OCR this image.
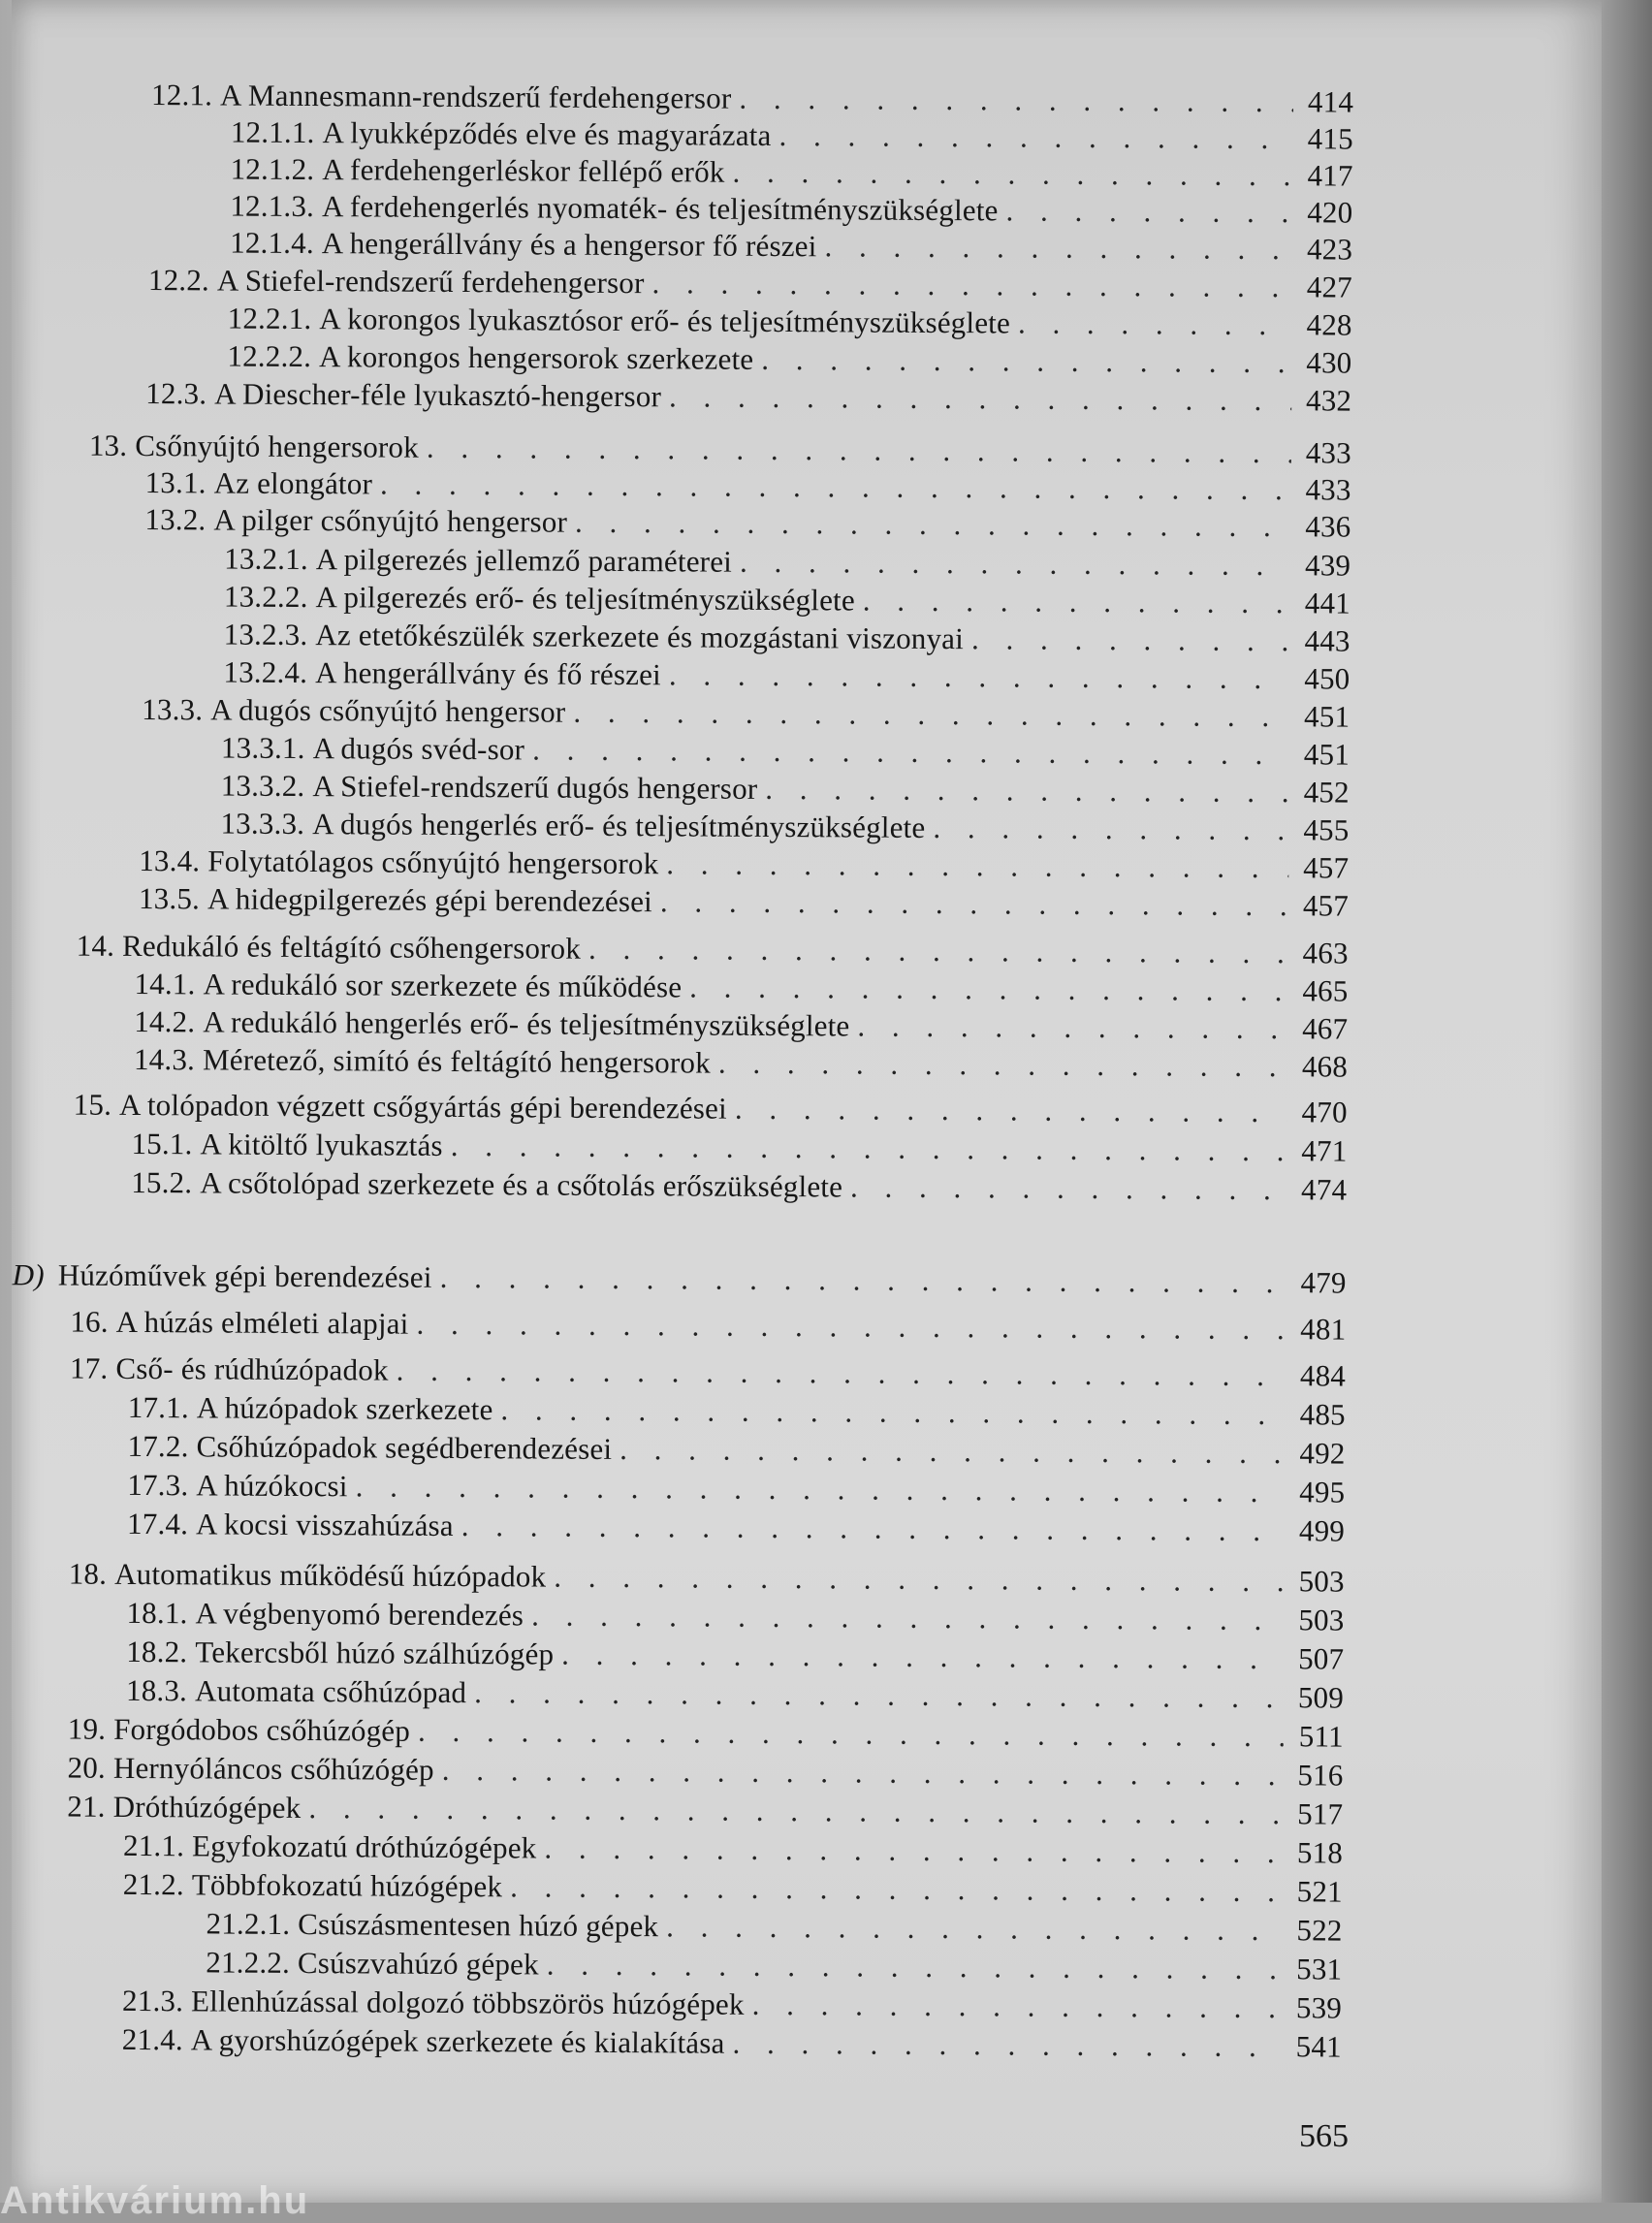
12.1. A Mannesmann-rendszerű ferdehengersor . . .	414
12.1.1. A lyukképződés elve és magyarázata . . .	415
12.1.2. A ferdehengerléskor fellépő erők . . .	417
12.1.3. A ferdehengerlés nyomaték- és teljesítményszükséglete . . .	420
12.1.4. A hengerállvány és a hengersor fő részei . . .	423
12.2. A Stiefel-rendszerű ferdehengersor . . .	427
12.2.1. A korongos lyukasztósor erő- és teljesítményszükséglete . . .	428
12.2.2. A korongos hengersorok szerkezete . . .	430
12.3. A Diescher-féle lyukasztó-hengersor . . .	432
13. Csőnyújtó hengersorok . . .	433
13.1. Az elongátor . . .	433
13.2. A pilger csőnyújtó hengersor . . .	436
13.2.1. A pilgerezés jellemző paraméterei . . .	439
13.2.2. A pilgerezés erő- és teljesítményszükséglete . . .	441
13.2.3. Az etetőkészülék szerkezete és mozgástani viszonyai . . .	443
13.2.4. A hengerállvány és fő részei . . .	450
13.3. A dugós csőnyújtó hengersor . . .	451
13.3.1. A dugós svéd-sor . . .	451
13.3.2. A Stiefel-rendszerű dugós hengersor . . .	452
13.3.3. A dugós hengerlés erő- és teljesítményszükséglete . . .	455
13.4. Folytatólagos csőnyújtó hengersorok . . .	457
13.5. A hidegpilgerezés gépi berendezései . . .	457
14. Redukáló és feltágító csőhengersorok . . .	463
14.1. A redukáló sor szerkezete és működése . . .	465
14.2. A redukáló hengerlés erő- és teljesítményszükséglete . . .	467
14.3. Méretező, simító és feltágító hengersorok . . .	468
15. A tolópadon végzett csőgyártás gépi berendezései . . .	470
15.1. A kitöltő lyukasztás . . .	471
15.2. A csőtolópad szerkezete és a csőtolás erőszükséglete . . .	474
D) Húzóművek gépi berendezései . . .	479
16. A húzás elméleti alapjai . . .	481
17. Cső- és rúdhúzópadok . . .	484
17.1. A húzópadok szerkezete . . .	485
17.2. Csőhúzópadok segédberendezései . . .	492
17.3. A húzókocsi . . .	495
17.4. A kocsi visszahúzása . . .	499
18. Automatikus működésű húzópadok . . .	503
18.1. A végbenyomó berendezés . . .	503
18.2. Tekercsből húzó szálhúzógép . . .	507
18.3. Automata csőhúzópad . . .	509
19. Forgódobos csőhúzógép . . .	511
20. Hernyóláncos csőhúzógép . . .	516
21. Dróthúzógépek . . .	517
21.1. Egyfokozatú dróthúzógépek . . .	518
21.2. Többfokozatú húzógépek . . .	521
21.2.1. Csúszásmentesen húzó gépek . . .	522
21.2.2. Csúszvahúzó gépek . . .	531
21.3. Ellenhúzással dolgozó többszörös húzógépek . . .	539
21.4. A gyorshúzógépek szerkezete és kialakítása . . .	541
565
Antikvárium.hu
